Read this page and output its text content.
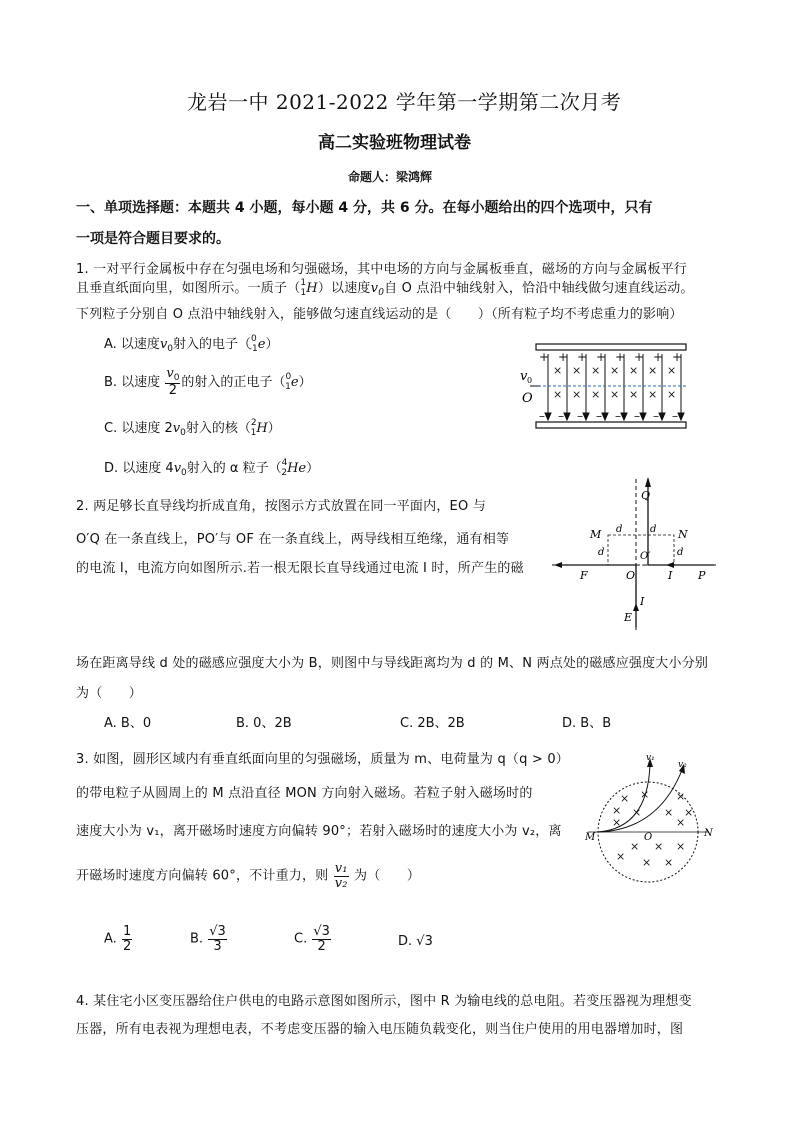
龙岩一中 2021-2022 学年第一学期第二次月考
高二实验班物理试卷
命题人：梁鸿辉
一、单项选择题：本题共 4 小题，每小题 4 分，共 6 分。在每小题给出的四个选项中，只有
一项是符合题目要求的。
1. 一对平行金属板中存在匀强电场和匀强磁场，其中电场的方向与金属板垂直，磁场的方向与金属板平行
且垂直纸面向里，如图所示。一质子（$^1_1$H）以速度$v_0$自 O 点沿中轴线射入，恰沿中轴线做匀速直线运动。
下列粒子分别自 O 点沿中轴线射入，能够做匀速直线运动的是（　　）（所有粒子均不考虑重力的影响）
A. 以速度$v_0$射入的电子（$^0_{-1}$e）
B. 以速度 $\frac{v_0}{2}$ 的射入的正电子（$^0_1$e）
C. 以速度 $2v_0$射入的核（$^2_1$H）
D. 以速度 $4v_0$射入的 α 粒子（$^4_2$He）
+
–
+
–
+
–
+
–
+
–
+
–
+
–
+
–
×
×
×
×
×
×
×
×
×
×
×
×
×
×
v 0
O
2. 两足够长直导线均折成直角，按图示方式放置在同一平面内，EO 与
O′Q 在一条直线上，PO′与 OF 在一条直线上，两导线相互绝缘，通有相等
的电流 I，电流方向如图所示.若一根无限长直导线通过电流 I 时，所产生的磁
场在距离导线 d 处的磁感应强度大小为 B，则图中与导线距离均为 d 的 M、N 两点处的磁感应强度大小分别
为（　　）
A. B、0	B. 0、2B	C. 2B、2B	D. B、B
Q
M	N
d	d
d	d
O′
F	O	I P
I
E
3. 如图，圆形区域内有垂直纸面向里的匀强磁场，质量为 m、电荷量为 q（q > 0）
的带电粒子从圆周上的 M 点沿直径 MON 方向射入磁场。若粒子射入磁场时的
速度大小为 v₁，离开磁场时速度方向偏转 90°；若射入磁场时的速度大小为 v₂，离
开磁场时速度方向偏转 60°，不计重力，则 $\frac{\text{v₁}}{\text{v₂}}$ 为（　　）
A. $\frac{1}{2}$	B. $\frac{√3}{3}$	C. $\frac{√3}{2}$	D. √3
× × ×
× × × ×
×	×
× × ×
× ×
×
v₁
v₂
M	O	N
4. 某住宅小区变压器给住户供电的电路示意图如图所示，图中 R 为输电线的总电阻。若变压器视为理想变
压器，所有电表视为理想电表，不考虑变压器的输入电压随负载变化，则当住户使用的用电器增加时，图
